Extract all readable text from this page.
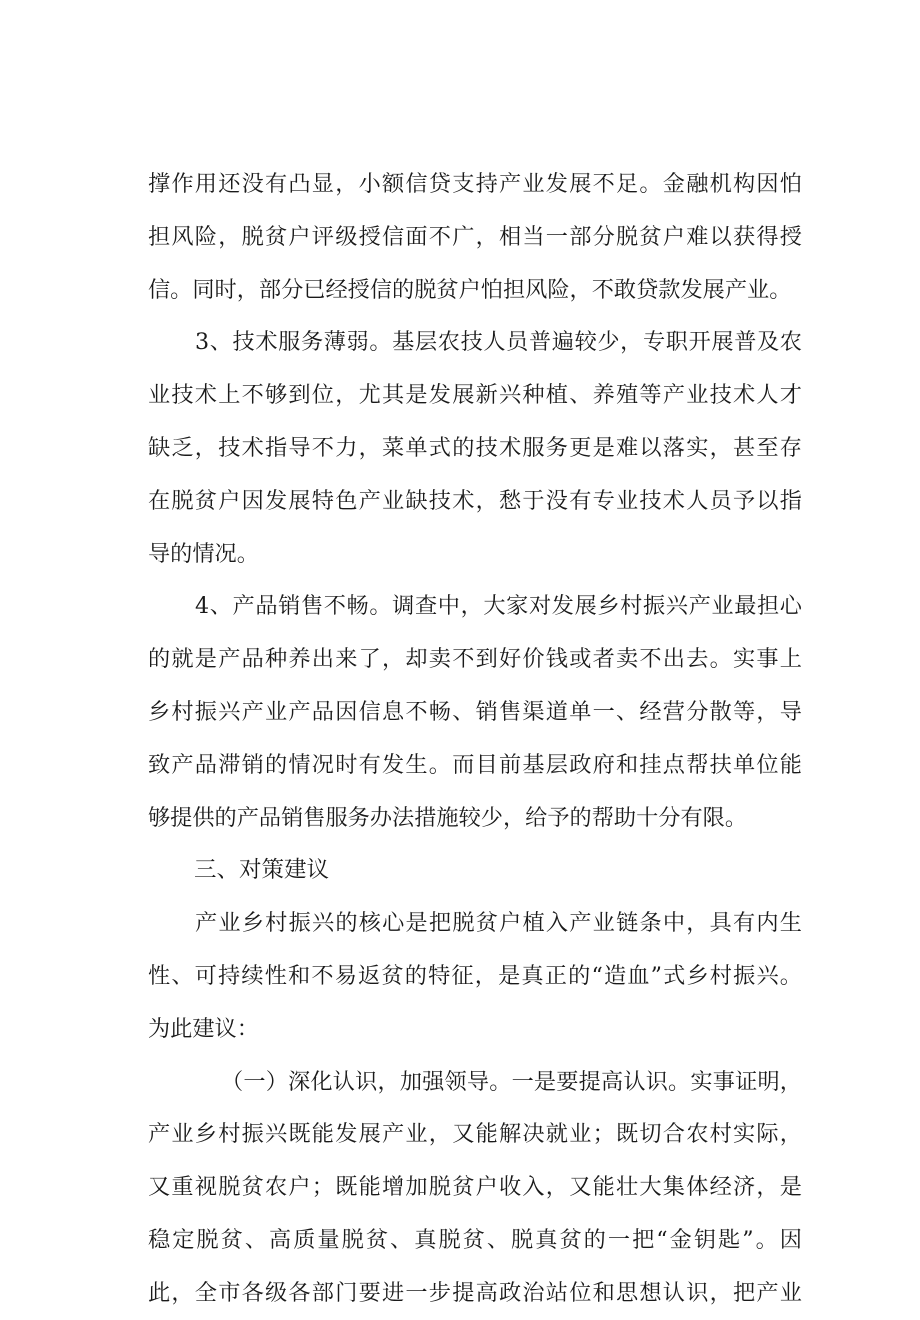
撑作用还没有凸显，小额信贷支持产业发展不足。金融机构因怕
担风险，脱贫户评级授信面不广，相当一部分脱贫户难以获得授
信。同时，部分已经授信的脱贫户怕担风险，不敢贷款发展产业。
3、技术服务薄弱。基层农技人员普遍较少，专职开展普及农
业技术上不够到位，尤其是发展新兴种植、养殖等产业技术人才
缺乏，技术指导不力，菜单式的技术服务更是难以落实，甚至存
在脱贫户因发展特色产业缺技术，愁于没有专业技术人员予以指
导的情况。
4、产品销售不畅。调查中，大家对发展乡村振兴产业最担心
的就是产品种养出来了，却卖不到好价钱或者卖不出去。实事上
乡村振兴产业产品因信息不畅、销售渠道单一、经营分散等，导
致产品滞销的情况时有发生。而目前基层政府和挂点帮扶单位能
够提供的产品销售服务办法措施较少，给予的帮助十分有限。
三、对策建议
产业乡村振兴的核心是把脱贫户植入产业链条中，具有内生
性、可持续性和不易返贫的特征，是真正的“造血”式乡村振兴。
为此建议：
（一）深化认识，加强领导。一是要提高认识。实事证明，
产业乡村振兴既能发展产业，又能解决就业；既切合农村实际，
又重视脱贫农户；既能增加脱贫户收入，又能壮大集体经济，是
稳定脱贫、高质量脱贫、真脱贫、脱真贫的一把“金钥匙”。因
此，全市各级各部门要进一步提高政治站位和思想认识，把产业
